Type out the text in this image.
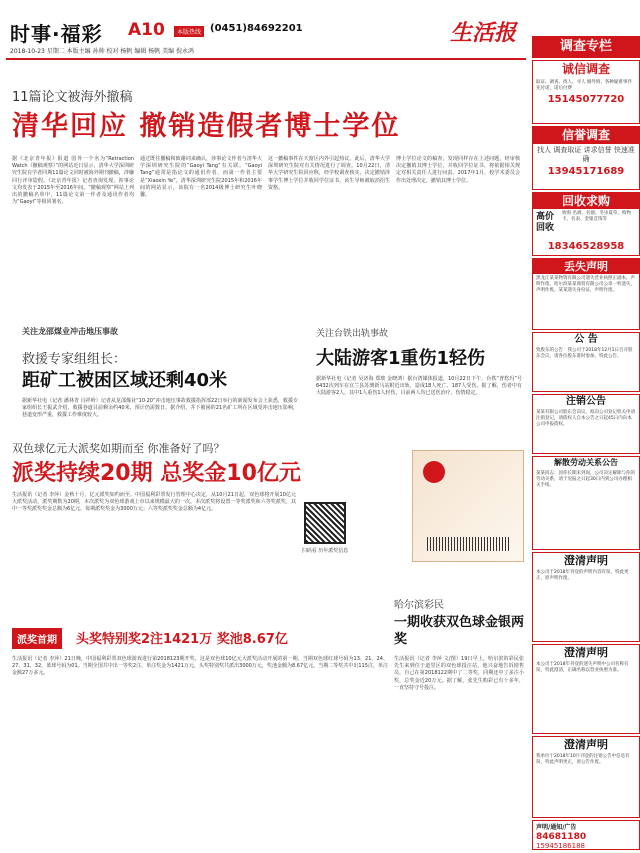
时事·福彩 A10	本版热线 (0451)84692201	生活报
2018-10-23 星期二 本版主编 孙帅 校对 杨帆 编辑 杨帆 美编 倪永鸿
11篇论文被海外撤稿
清华回应 撤销造假者博士学位

据《北京青年报》报道 国外一个名为“Retraction Watch（撤稿观察）”的网站近日显示，清华大学深圳研究生院有学者同期11篇论文同时被海外期刊撤稿，涉嫌同行评审造假。《北京青年报》记者查询发现，涉事论文均发表于2015年至2016年间。“撤稿观察”网站上列出的撤稿名单中，11篇论文第一作者及通讯作者均为“Gaoyi”等相同署名。

通过既往撤稿和致谢词来确认，涉事论文作者与清华大学深圳研究生院的“Gaoyi Tang”有关联。“Gaoyi Tang”通常是指论文的通讯作者，而第一作者主要是“Xiaoxin Ye”。清华深圳研究生院2015年和2016年间的网站显示，该院有一名2014级博士研究生叶晓馨。

这一撤稿事件在天窗区内外引起热议。此后，清华大学深圳研究生院对有关情况进行了调查。10月22日，清华大学研究生院回应称，经学校调查核实，决定撤销涉事学生博士学位并收回学位证书，该生导师被取消招生资格。

博士学位论文的稿查，发现同样存在上述问题，经审核决定撤销其博士学位，并收回学位证书，将依据相关规定对相关责任人进行问责。2017年1月，校学术委员会作出处理决定，撤销其博士学位。

关注龙邵煤业冲击地压事故
救援专家组组长：
距矿工被困区域还剩40米

据新华社电（记者 潘林青 闫祥岭）记者从龙邵煤业“10·20”冲击地压事故救援指挥部22日举行的新闻发布会上获悉，救援专家组组长王振武介绍，救援巷道目前剩余约40米，预计仍需数日。据介绍，井下被困的21名矿工所在区域受冲击地压影响，巷道变形严重，救援工作难度较大。

关注台铁出轨事故
大陆游客1重伤1轻伤

据新华社电（记者 吴济海 郑玻 金晓鸿）据台湾媒体报道，10月22日下午，台铁“普悠玛”号6432次列车在宜兰县苏澳新马站附近出轨，造成18人死亡、187人受伤。据了解，伤者中有大陆游客2人，其中1人重伤1人轻伤。目前两人均已送医治疗，伤情稳定。

双色球亿元大派奖如期而至 你准备好了吗？
派奖持续20期 总奖金10亿元

生活报讯（记者 李萍）金秋十月，亿元派奖如约而至。中国福利彩票发行管理中心决定，从10月21日起，双色球将开展10亿元大派奖活动，派奖期数为20期，本次派奖为双色球游戏上市以来规模最大的一次。本次派奖将设置一等奖派奖和六等奖派奖，其中一等奖派奖奖金总额为6亿元，每期派奖奖金为3000万元；六等奖派奖奖金总额为4亿元。

扫码看 历年派奖信息
哈尔滨彩民
一期收获双色球金银两奖

生活报讯（记者 李萍 文/图）19日早上，哈尔滨的彩民张先生来到位于道里区的双色球投注站，他兴奋地告诉销售员，自己在第2018122期中了二等奖，同期还中了多注小奖，总奖金近20万元。据了解，张先生购彩已有十多年，一直坚持守号投注。

派奖首期	头奖特别奖2注1421万 奖池8.67亿

生活报讯（记者 李萍）21日晚，中国福利彩票双色球游戏进行第2018123期开奖，这是双色球10亿元大派奖活动开展的第一期。当期双色球红球号码为13、21、24、27、31、32，蓝球号码为01。当期全国共中出一等奖2注，单注奖金为1421万元，头奖特别奖共派出3000万元，奖池金额为8.67亿元。当期二等奖共中出115注，单注金额27万多元。

调查专栏
诚信调查
取证、调查、找人、寻人 婚外情、各种疑难事件 先付诺，诺后付费
15145077720
信誉调查
找人 调查取证 讲求信誉 快速准确
13945171689
回收求购
高价回收
收购 名酒、名烟、冬虫夏草、购物卡、名表、金银首饰等
18346528958
丢失声明
黑龙江某某物资有限公司遗失营业执照正副本，声明作废。哈尔滨某某商贸有限公司公章一枚遗失，声明作废。某某遗失身份证，声明作废。
公 告
致股东的公告：我公司于2018年12月1日召开股东会议，请各位股东准时参加，特此公告。
注销公告
某某有限公司股东会决议，拟向公司登记机关申请注销登记，请债权人自本公告之日起45日内向本公司申报债权。
解散劳动关系公告
某某同志：因你长期未到岗，公司决定解除与你的劳动关系，请于见报之日起30日内到公司办理相关手续。
澄清声明
本公司于2018年刊登的声明内容有误，特此更正，原声明作废。
澄清声明
本公司于2018年刊登的遗失声明中公司名称有误，特此澄清，正确名称以营业执照为准。
澄清声明
我单位于2018年10月刊登的注销公告中信息有误，特此声明更正，原公告作废。
声明/通知/广告
84681180
15945186188
